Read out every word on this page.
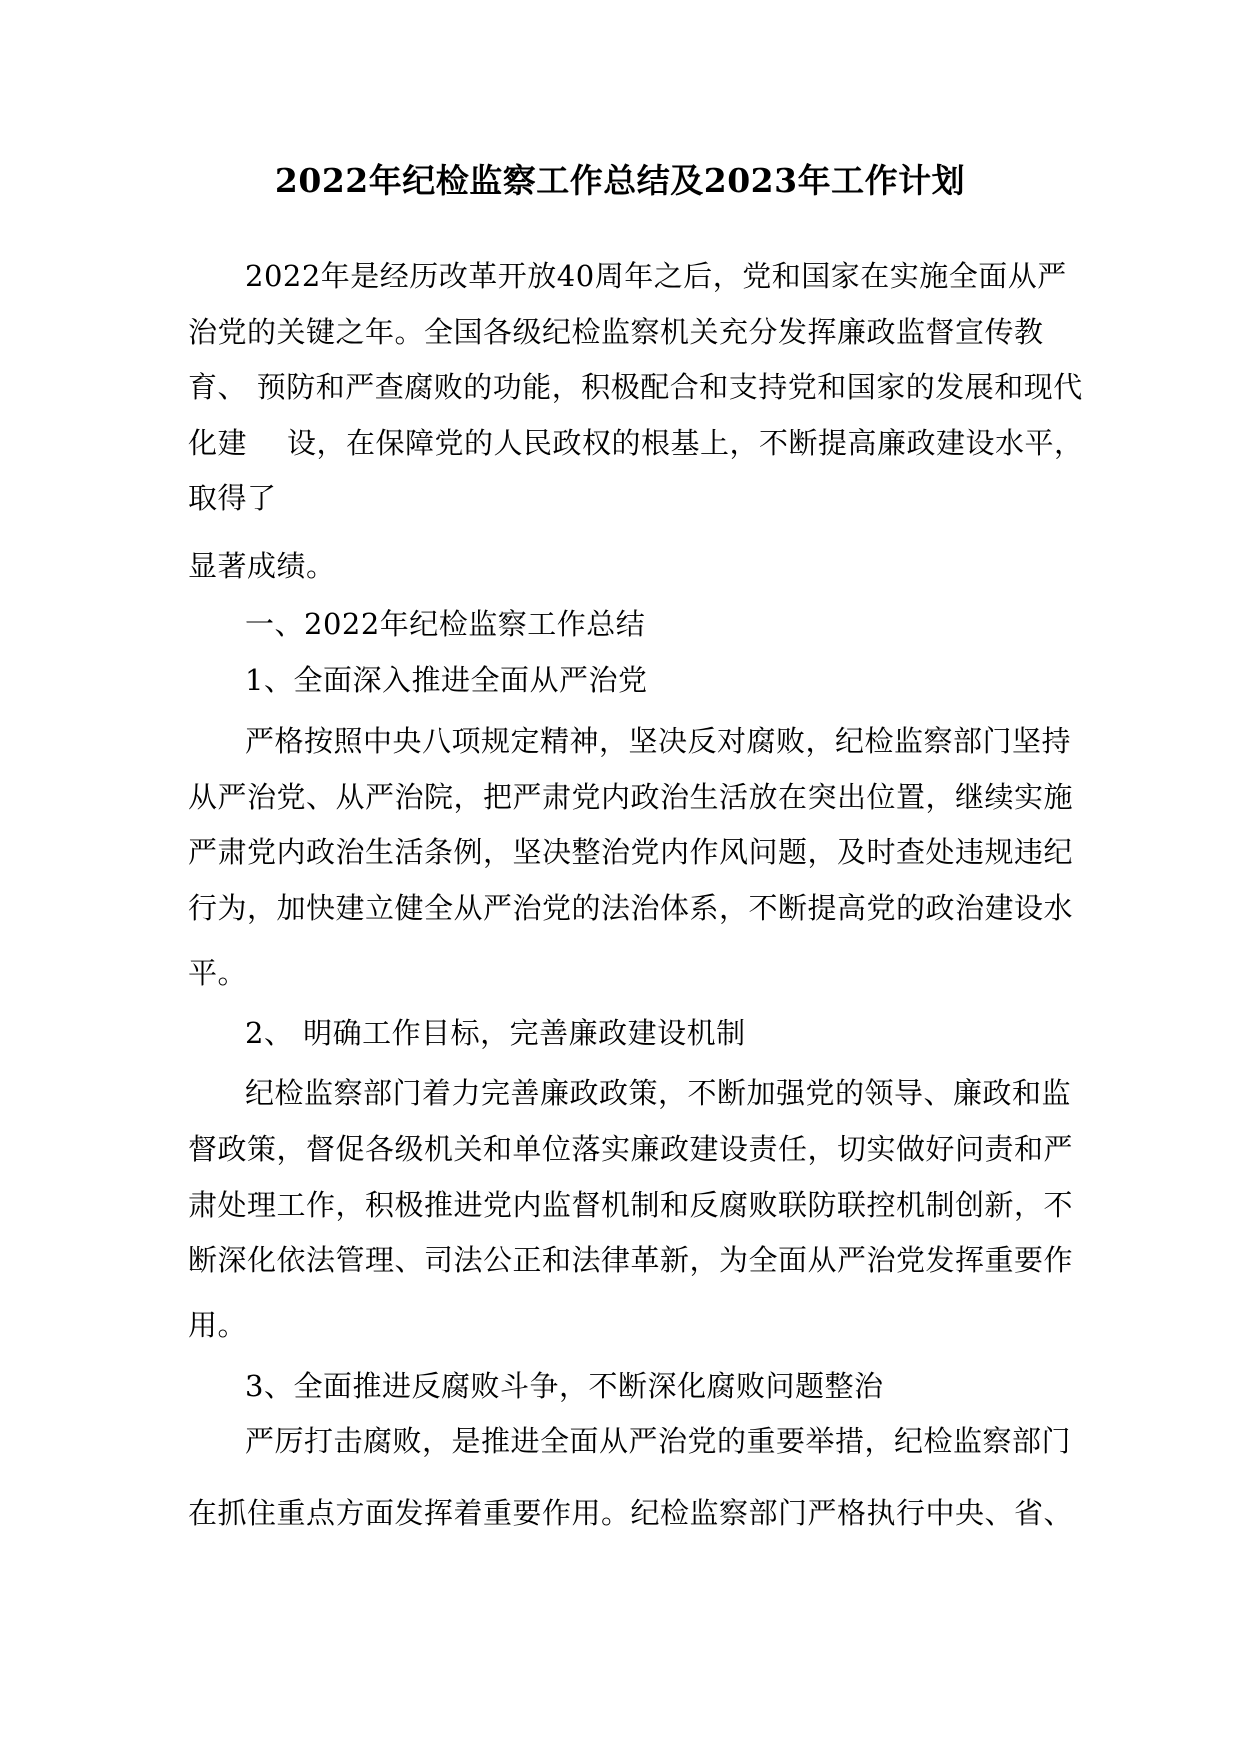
2022年纪检监察工作总结及2023年工作计划
2022年是经历改革开放40周年之后，党和国家在实施全面从严
治党的关键之年。全国各级纪检监察机关充分发挥廉政监督宣传教
育、 预防和严查腐败的功能，积极配合和支持党和国家的发展和现代
化建 设，在保障党的人民政权的根基上，不断提高廉政建设水平，
取得了
显著成绩。
一、2022年纪检监察工作总结
1、全面深入推进全面从严治党
严格按照中央八项规定精神，坚决反对腐败，纪检监察部门坚持
从严治党、从严治院，把严肃党内政治生活放在突出位置，继续实施
严肃党内政治生活条例，坚决整治党内作风问题，及时查处违规违纪
行为，加快建立健全从严治党的法治体系，不断提高党的政治建设水
平。
2、 明确工作目标，完善廉政建设机制
纪检监察部门着力完善廉政政策，不断加强党的领导、廉政和监
督政策，督促各级机关和单位落实廉政建设责任，切实做好问责和严
肃处理工作，积极推进党内监督机制和反腐败联防联控机制创新，不
断深化依法管理、司法公正和法律革新，为全面从严治党发挥重要作
用。
3、全面推进反腐败斗争，不断深化腐败问题整治
严厉打击腐败，是推进全面从严治党的重要举措，纪检监察部门
在抓住重点方面发挥着重要作用。纪检监察部门严格执行中央、省、
